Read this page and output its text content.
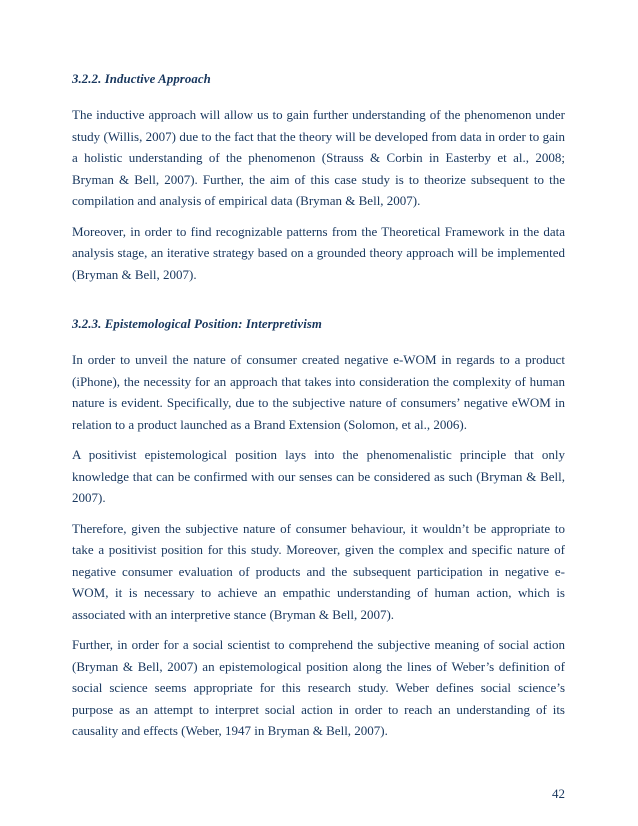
3.2.2. Inductive Approach

The inductive approach will allow us to gain further understanding of the phenomenon under study (Willis, 2007) due to the fact that the theory will be developed from data in order to gain a holistic understanding of the phenomenon (Strauss & Corbin in Easterby et al., 2008; Bryman & Bell, 2007). Further, the aim of this case study is to theorize subsequent to the compilation and analysis of empirical data (Bryman & Bell, 2007).

Moreover, in order to find recognizable patterns from the Theoretical Framework in the data analysis stage, an iterative strategy based on a grounded theory approach will be implemented (Bryman & Bell, 2007).

3.2.3. Epistemological Position: Interpretivism

In order to unveil the nature of consumer created negative e-WOM in regards to a product (iPhone), the necessity for an approach that takes into consideration the complexity of human nature is evident. Specifically, due to the subjective nature of consumers’ negative eWOM in relation to a product launched as a Brand Extension (Solomon, et al., 2006).

A positivist epistemological position lays into the phenomenalistic principle that only knowledge that can be confirmed with our senses can be considered as such (Bryman & Bell, 2007).

Therefore, given the subjective nature of consumer behaviour, it wouldn’t be appropriate to take a positivist position for this study. Moreover, given the complex and specific nature of negative consumer evaluation of products and the subsequent participation in negative e-WOM, it is necessary to achieve an empathic understanding of human action, which is associated with an interpretive stance (Bryman & Bell, 2007).

Further, in order for a social scientist to comprehend the subjective meaning of social action (Bryman & Bell, 2007) an epistemological position along the lines of Weber’s definition of social science seems appropriate for this research study. Weber defines social science’s purpose as an attempt to interpret social action in order to reach an understanding of its causality and effects (Weber, 1947 in Bryman & Bell, 2007).

42
